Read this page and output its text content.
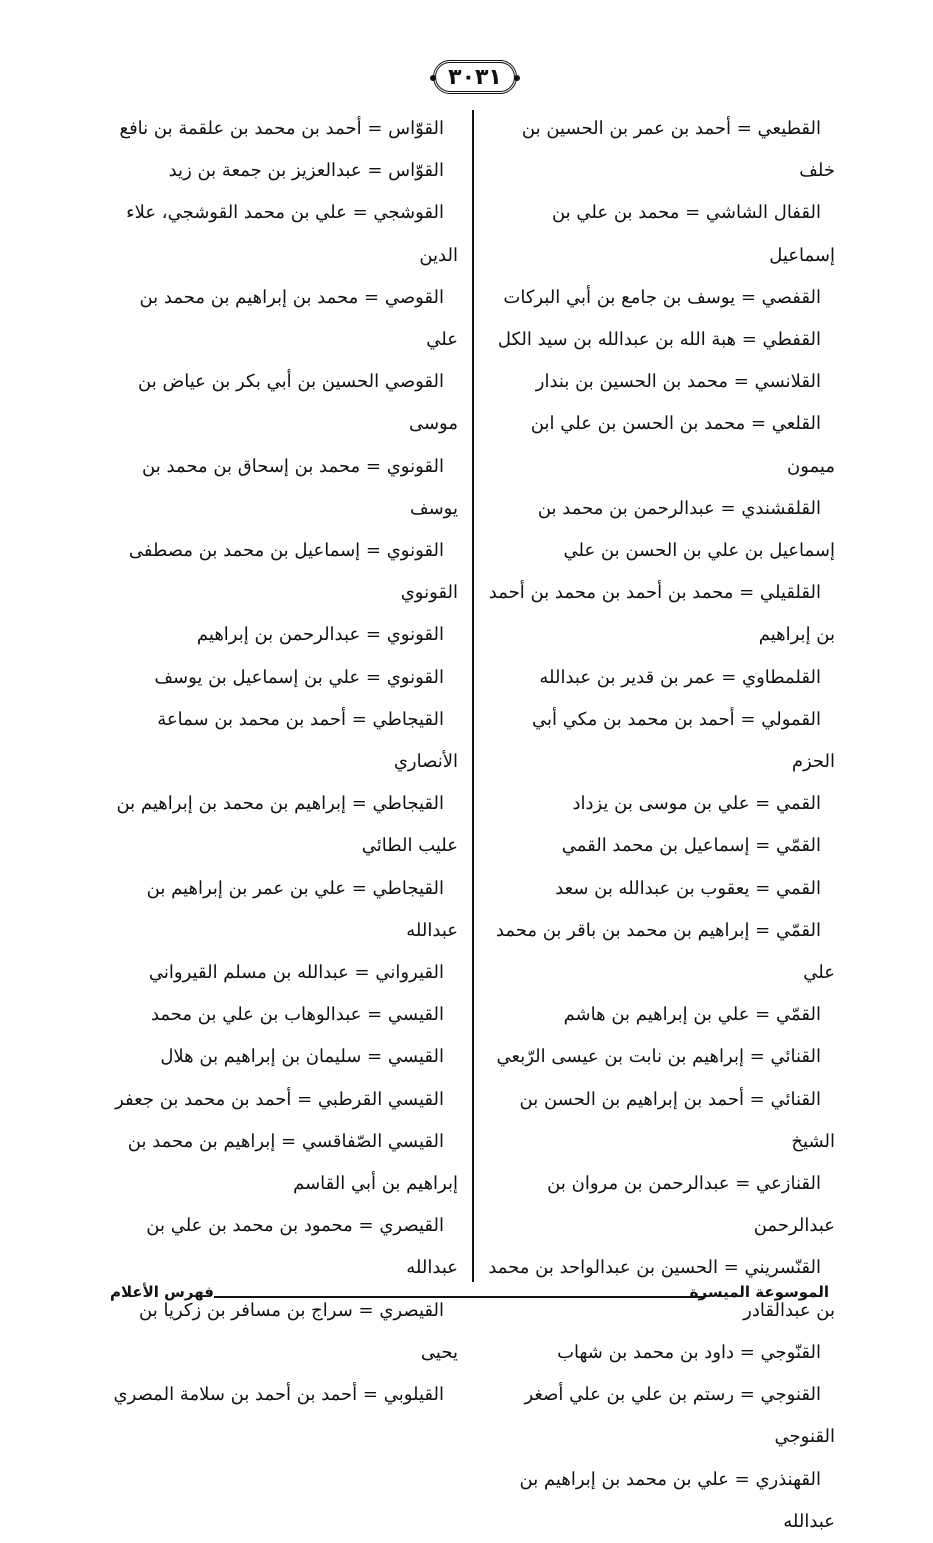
٣٠٣١

القطيعي = أحمد بن عمر بن الحسين بن خلف

القفال الشاشي = محمد بن علي بن إسماعيل

القفصي = يوسف بن جامع بن أبي البركات

القفطي = هبة الله بن عبدالله بن سيد الكل

القلانسي = محمد بن الحسين بن بندار

القلعي = محمد بن الحسن بن علي ابن ميمون

القلقشندي = عبدالرحمن بن محمد بن إسماعيل بن علي بن الحسن بن علي

القلقيلي = محمد بن أحمد بن محمد بن أحمد بن إبراهيم

القلمطاوي = عمر بن قدير بن عبدالله

القمولي = أحمد بن محمد بن مكي أبي الحزم

القمي = علي بن موسى بن يزداد

القمّي = إسماعيل بن محمد القمي

القمي = يعقوب بن عبدالله بن سعد

القمّي = إبراهيم بن محمد بن باقر بن محمد علي

القمّي = علي بن إبراهيم بن هاشم

القنائي = إبراهيم بن نابت بن عيسى الرّبعي

القنائي = أحمد بن إبراهيم بن الحسن بن الشيخ

القنازعي = عبدالرحمن بن مروان بن عبدالرحمن

القنّسريني = الحسين بن عبدالواحد بن محمد بن عبدالقادر

القنّوجي = داود بن محمد بن شهاب

القنوجي = رستم بن علي بن علي أصغر القنوجي

القهنذري = علي بن محمد بن إبراهيم بن عبدالله

القوّاس = أحمد بن محمد بن علقمة بن نافع

القوّاس = عبدالعزيز بن جمعة بن زيد

القوشجي = علي بن محمد القوشجي، علاء الدين

القوصي = محمد بن إبراهيم بن محمد بن علي

القوصي الحسين بن أبي بكر بن عياض بن موسى

القونوي = محمد بن إسحاق بن محمد بن يوسف

القونوي = إسماعيل بن محمد بن مصطفى القونوي

القونوي = عبدالرحمن بن إبراهيم

القونوي = علي بن إسماعيل بن يوسف

القيجاطي = أحمد بن محمد بن سماعة الأنصاري

القيجاطي = إبراهيم بن محمد بن إبراهيم بن عليب الطائي

القيجاطي = علي بن عمر بن إبراهيم بن عبدالله

القيرواني = عبدالله بن مسلم القيرواني

القيسي = عبدالوهاب بن علي بن محمد

القيسي = سليمان بن إبراهيم بن هلال

القيسي القرطبي = أحمد بن محمد بن جعفر

القيسي الصّفاقسي = إبراهيم بن محمد بن إبراهيم بن أبي القاسم

القيصري = محمود بن محمد بن علي بن عبدالله

القيصري = سراج بن مسافر بن زكريا بن يحيى

القيلوبي = أحمد بن أحمد بن سلامة المصري

الموسوعة الميسرة
فهرس الأعلام
